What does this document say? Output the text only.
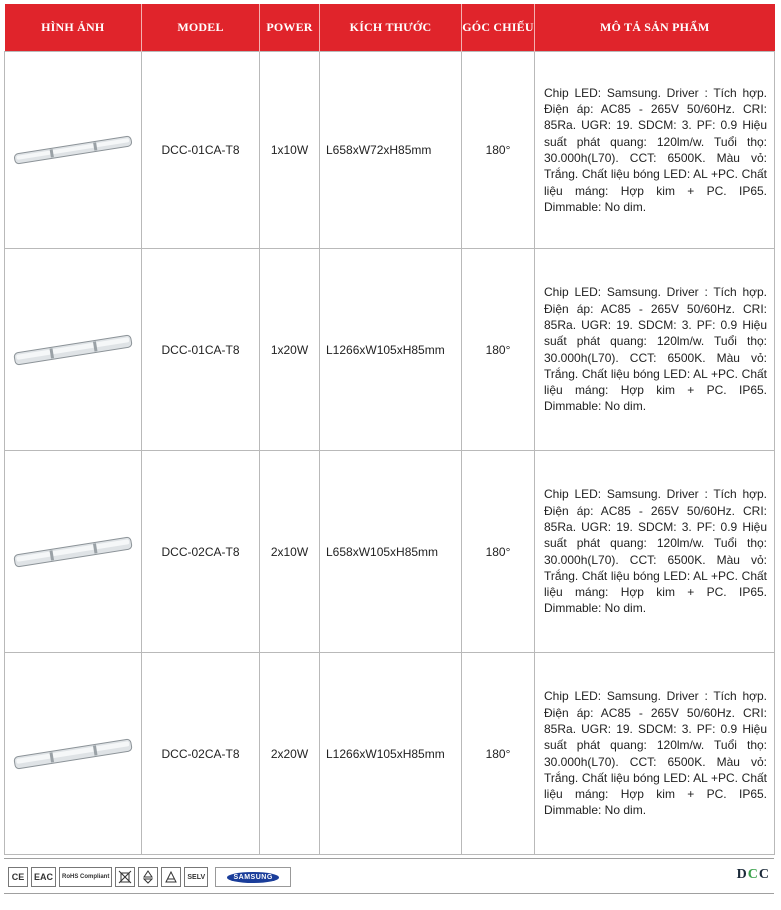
HÌNH ẢNH	MODEL	POWER	KÍCH THƯỚC	GÓC CHIẾU	MÔ TẢ SẢN PHẨM

	DCC-01CA-T8	1x10W	L658xW72xH85mm	180°	Chip LED: Samsung. Driver : Tích hợp. Điện áp: AC85 - 265V 50/60Hz. CRI: 85Ra. UGR: 19. SDCM: 3. PF: 0.9 Hiệu suất phát quang: 120lm/w. Tuổi thọ: 30.000h(L70). CCT: 6500K. Màu vỏ: Trắng. Chất liệu bóng LED: AL +PC. Chất liệu máng: Hợp kim + PC. IP65. Dimmable: No dim.

	DCC-01CA-T8	1x20W	L1266xW105xH85mm	180°	Chip LED: Samsung. Driver : Tích hợp. Điện áp: AC85 - 265V 50/60Hz. CRI: 85Ra. UGR: 19. SDCM: 3. PF: 0.9 Hiệu suất phát quang: 120lm/w. Tuổi thọ: 30.000h(L70). CCT: 6500K. Màu vỏ: Trắng. Chất liệu bóng LED: AL +PC. Chất liệu máng: Hợp kim + PC. IP65. Dimmable: No dim.

	DCC-02CA-T8	2x10W	L658xW105xH85mm	180°	Chip LED: Samsung. Driver : Tích hợp. Điện áp: AC85 - 265V 50/60Hz. CRI: 85Ra. UGR: 19. SDCM: 3. PF: 0.9 Hiệu suất phát quang: 120lm/w. Tuổi thọ: 30.000h(L70). CCT: 6500K. Màu vỏ: Trắng. Chất liệu bóng LED: AL +PC. Chất liệu máng: Hợp kim + PC. IP65. Dimmable: No dim.

	DCC-02CA-T8	2x20W	L1266xW105xH85mm	180°	Chip LED: Samsung. Driver : Tích hợp. Điện áp: AC85 - 265V 50/60Hz. CRI: 85Ra. UGR: 19. SDCM: 3. PF: 0.9 Hiệu suất phát quang: 120lm/w. Tuổi thọ: 30.000h(L70). CCT: 6500K. Màu vỏ: Trắng. Chất liệu bóng LED: AL +PC. Chất liệu máng: Hợp kim + PC. IP65. Dimmable: No dim.
CE	EAC	RoHS Compliant	SELV	SAMSUNG	DCC
